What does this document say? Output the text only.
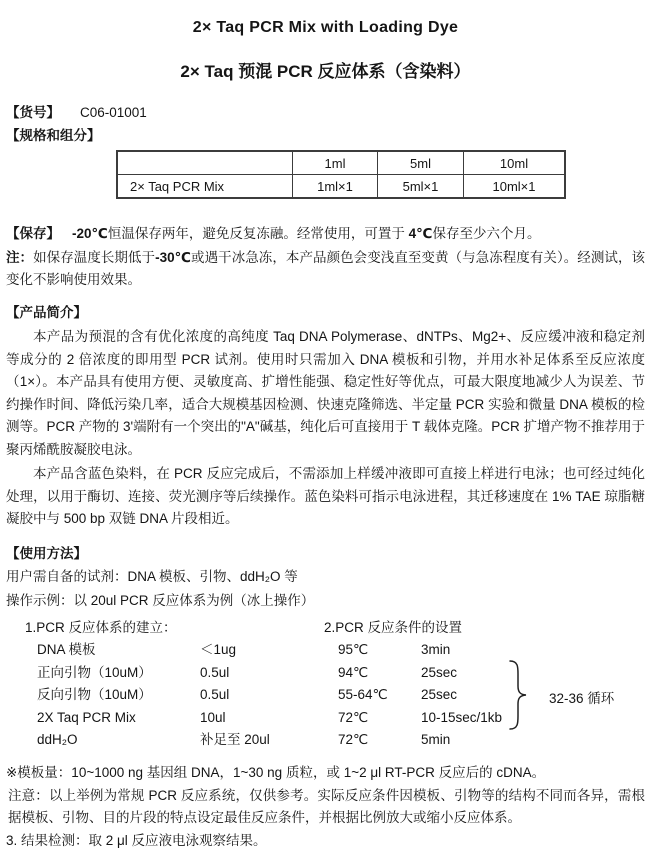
2× Taq PCR Mix with Loading Dye
2× Taq 预混 PCR 反应体系（含染料）
【货号】 C06-01001
【规格和组分】
	1ml	5ml	10ml
2× Taq PCR Mix	1ml×1	5ml×1	10ml×1
【保存】 -20℃恒温保存两年，避免反复冻融。经常使用，可置于 4℃保存至少六个月。
注：如保存温度长期低于-30℃或遇干冰急冻，本产品颜色会变浅直至变黄（与急冻程度有关）。经测试，该变化不影响使用效果。
【产品简介】

本产品为预混的含有优化浓度的高纯度 Taq DNA Polymerase、dNTPs、Mg2+、反应缓冲液和稳定剂等成分的 2 倍浓度的即用型 PCR 试剂。使用时只需加入 DNA 模板和引物，并用水补足体系至反应浓度（1×）。本产品具有使用方便、灵敏度高、扩增性能强、稳定性好等优点，可最大限度地减少人为误差、节约操作时间、降低污染几率，适合大规模基因检测、快速克隆筛选、半定量 PCR 实验和微量 DNA 模板的检测等。PCR 产物的 3'端附有一个突出的"A"碱基，纯化后可直接用于 T 载体克隆。PCR 扩增产物不推荐用于聚丙烯酰胺凝胶电泳。

本产品含蓝色染料，在 PCR 反应完成后，不需添加上样缓冲液即可直接上样进行电泳；也可经过纯化处理，以用于酶切、连接、荧光测序等后续操作。蓝色染料可指示电泳进程，其迁移速度在 1% TAE 琼脂糖凝胶中与 500 bp 双链 DNA 片段相近。

【使用方法】
用户需自备的试剂：DNA 模板、引物、ddH₂O 等
操作示例：以 20ul PCR 反应体系为例（冰上操作）
1.PCR 反应体系的建立：
DNA 模板	＜1ug
正向引物（10uM）	0.5ul
反向引物（10uM）	0.5ul
2X Taq PCR Mix	10ul
ddH₂O	补足至 20ul
2.PCR 反应条件的设置
95℃	3min
94℃	25sec
55-64℃	25sec
72℃	10-15sec/1kb
72℃	5min
32-36 循环
※模板量：10~1000 ng 基因组 DNA，1~30 ng 质粒，或 1~2 μl RT-PCR 反应后的 cDNA。
注意：以上举例为常规 PCR 反应系统，仅供参考。实际反应条件因模板、引物等的结构不同而各异，需根据模板、引物、目的片段的特点设定最佳反应条件，并根据比例放大或缩小反应体系。
3. 结果检测：取 2 μl 反应液电泳观察结果。
